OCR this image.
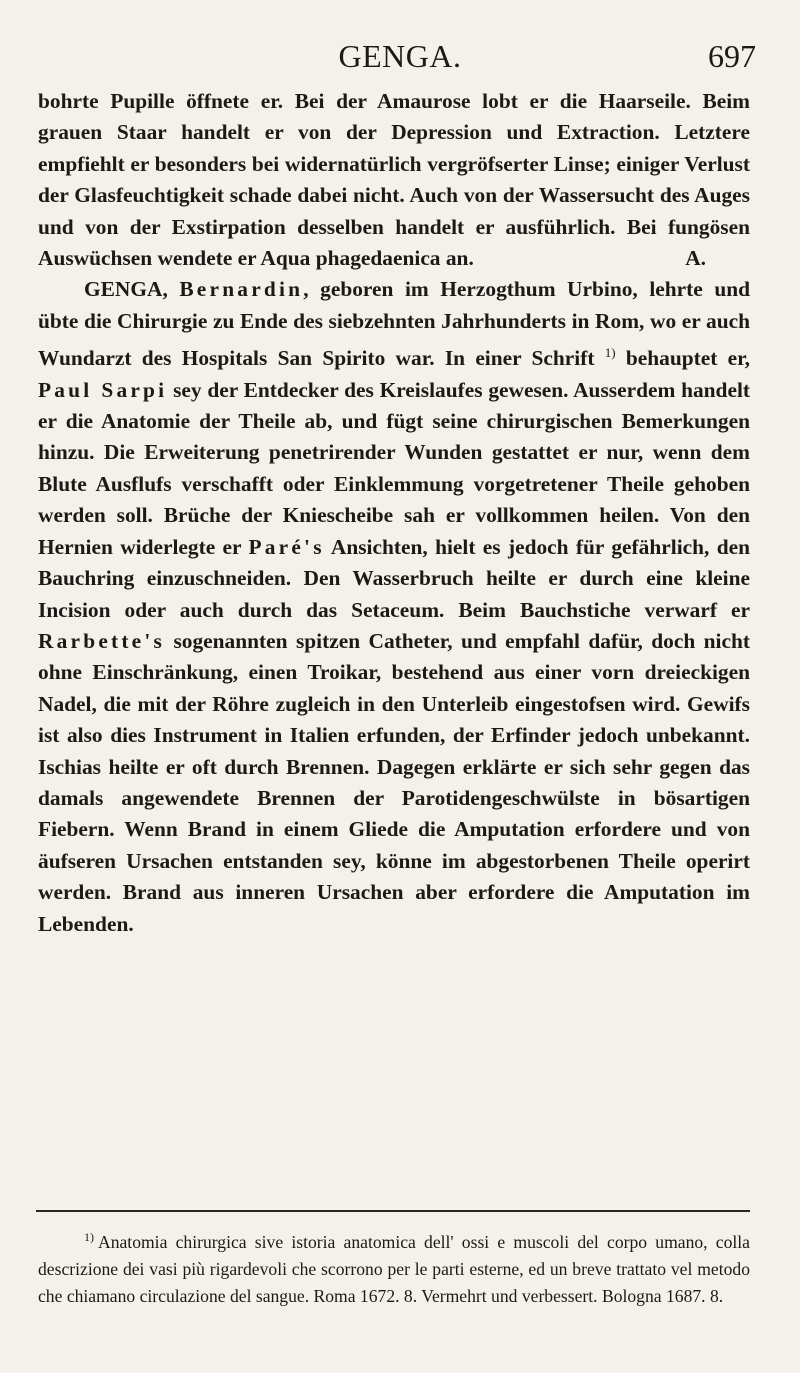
GENGA.	697

bohrte Pupille öffnete er. Bei der Amaurose lobt er die Haarseile. Beim grauen Staar handelt er von der Depression und Extraction. Letztere empfiehlt er besonders bei widernatürlich vergröfserter Linse; einiger Verlust der Glasfeuchtigkeit schade dabei nicht. Auch von der Wassersucht des Auges und von der Exstirpation desselben handelt er ausführlich. Bei fungösen Auswüchsen wendete er Aqua phagedaenica an.	A.

GENGA, Bernardin, geboren im Herzogthum Urbino, lehrte und übte die Chirurgie zu Ende des siebzehnten Jahrhunderts in Rom, wo er auch Wundarzt des Hospitals San Spirito war. In einer Schrift $^{1)}$ behauptet er, Paul Sarpi sey der Entdecker des Kreislaufes gewesen. Ausserdem handelt er die Anatomie der Theile ab, und fügt seine chirurgischen Bemerkungen hinzu. Die Erweiterung penetrirender Wunden gestattet er nur, wenn dem Blute Ausflufs verschafft oder Einklemmung vorgetretener Theile gehoben werden soll. Brüche der Kniescheibe sah er vollkommen heilen. Von den Hernien widerlegte er Paré's Ansichten, hielt es jedoch für gefährlich, den Bauchring einzuschneiden. Den Wasserbruch heilte er durch eine kleine Incision oder auch durch das Setaceum. Beim Bauchstiche verwarf er Rarbette's sogenannten spitzen Catheter, und empfahl dafür, doch nicht ohne Einschränkung, einen Troikar, bestehend aus einer vorn dreieckigen Nadel, die mit der Röhre zugleich in den Unterleib eingestofsen wird. Gewifs ist also dies Instrument in Italien erfunden, der Erfinder jedoch unbekannt. Ischias heilte er oft durch Brennen. Dagegen erklärte er sich sehr gegen das damals angewendete Brennen der Parotidengeschwülste in bösartigen Fiebern. Wenn Brand in einem Gliede die Amputation erfordere und von äufseren Ursachen entstanden sey, könne im abgestorbenen Theile operirt werden. Brand aus inneren Ursachen aber erfordere die Amputation im Lebenden.

$^{1)}$ Anatomia chirurgica sive istoria anatomica dell' ossi e muscoli del corpo umano, colla descrizione dei vasi più rigardevoli che scorrono per le parti esterne, ed un breve trattato vel metodo che chiamano circulazione del sangue. Roma 1672. 8. Vermehrt und verbessert. Bologna 1687. 8.
